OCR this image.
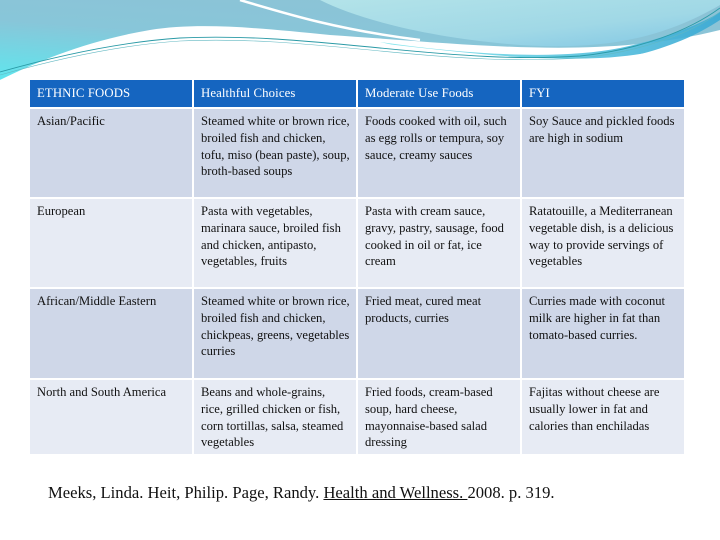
ETHNIC FOODS	Healthful Choices	Moderate Use Foods	FYI
Asian/Pacific	Steamed white or brown rice, broiled fish and chicken, tofu, miso (bean paste), soup, broth-based soups	Foods cooked with oil, such as egg rolls or tempura, soy sauce, creamy sauces	Soy Sauce and pickled foods are high in sodium
European	Pasta with vegetables, marinara sauce, broiled fish and chicken, antipasto, vegetables, fruits	Pasta with cream sauce, gravy, pastry, sausage, food cooked in oil or fat, ice cream	Ratatouille, a Mediterranean vegetable dish, is a delicious way to provide servings of vegetables
African/Middle Eastern	Steamed white or brown rice, broiled fish and chicken, chickpeas, greens, vegetables curries	Fried meat, cured meat products, curries	Curries made with coconut milk are higher in fat than tomato-based curries.
North and South America	Beans and whole-grains, rice, grilled chicken or fish, corn tortillas, salsa, steamed vegetables	Fried foods, cream-based soup, hard cheese, mayonnaise-based salad dressing	Fajitas without cheese are usually lower in fat and calories than enchiladas
Meeks, Linda. Heit, Philip. Page, Randy. Health and Wellness. 2008. p. 319.
